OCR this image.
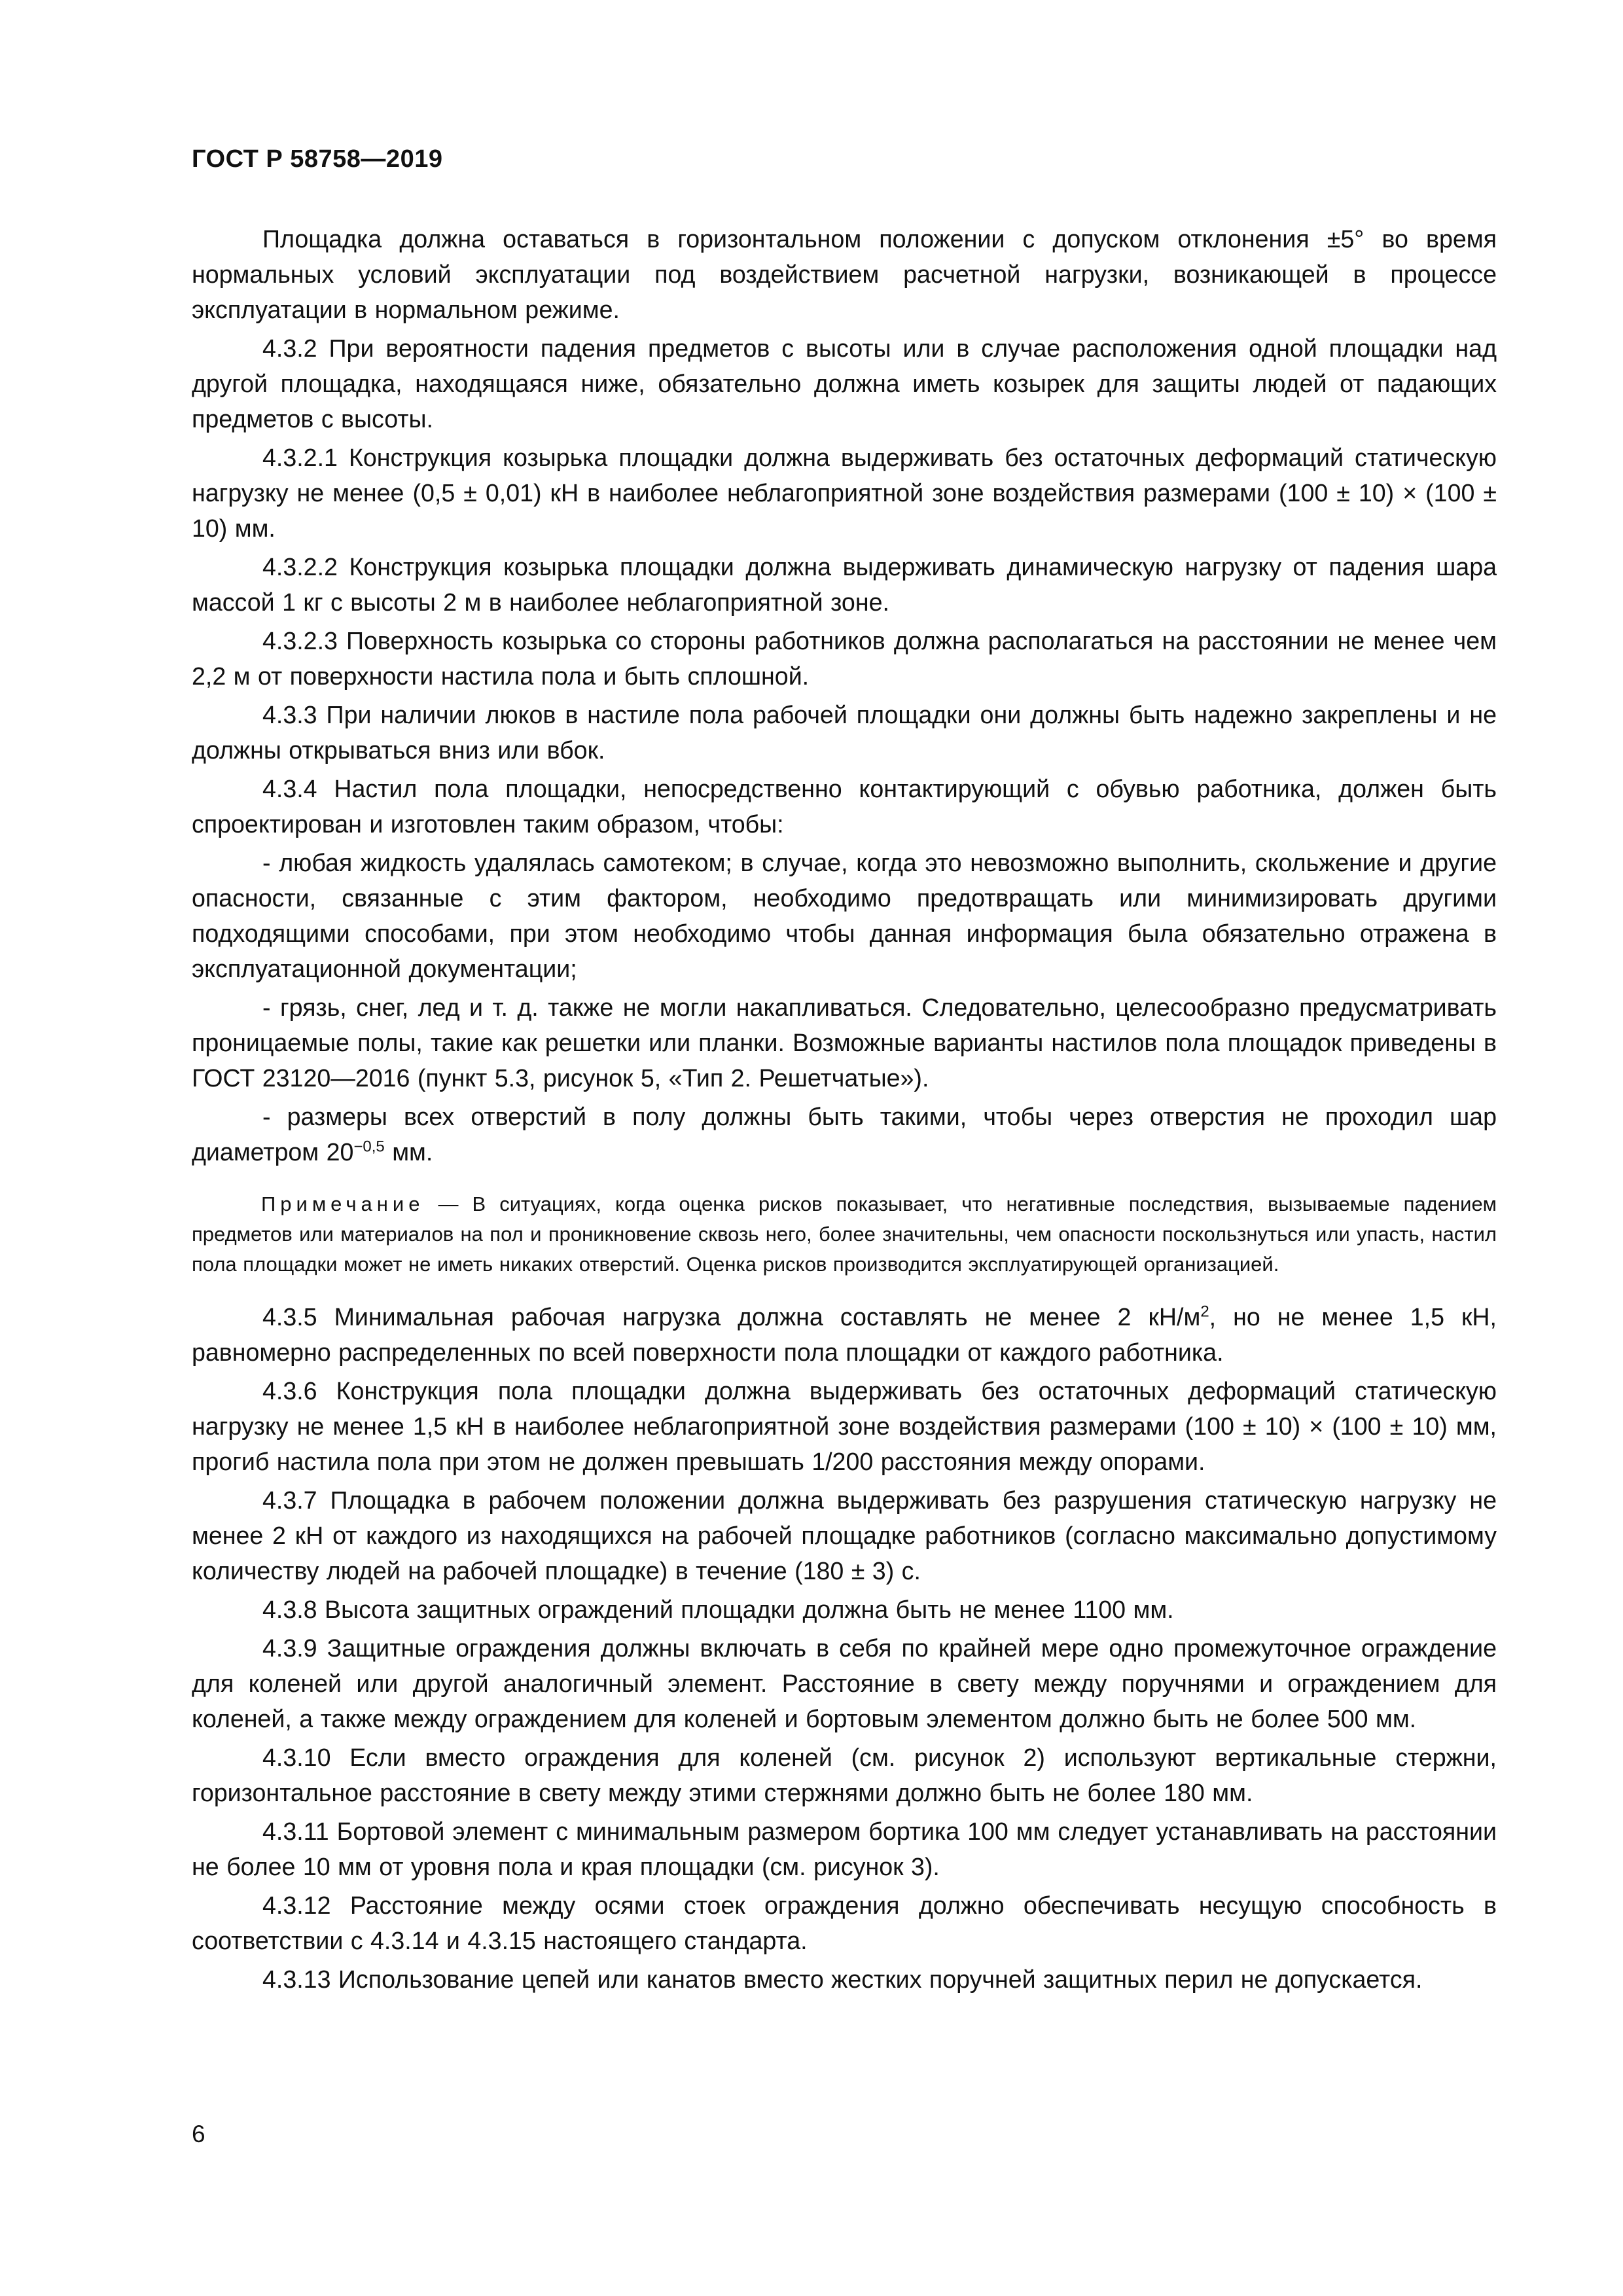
ГОСТ Р 58758—2019

Площадка должна оставаться в горизонтальном положении с допуском отклонения ±5° во время нормальных условий эксплуатации под воздействием расчетной нагрузки, возникающей в процессе эксплуатации в нормальном режиме.

4.3.2 При вероятности падения предметов с высоты или в случае расположения одной площадки над другой площадка, находящаяся ниже, обязательно должна иметь козырек для защиты людей от падающих предметов с высоты.

4.3.2.1 Конструкция козырька площадки должна выдерживать без остаточных деформаций статическую нагрузку не менее (0,5 ± 0,01) кН в наиболее неблагоприятной зоне воздействия размерами (100 ± 10) × (100 ± 10) мм.

4.3.2.2 Конструкция козырька площадки должна выдерживать динамическую нагрузку от падения шара массой 1 кг с высоты 2 м в наиболее неблагоприятной зоне.

4.3.2.3 Поверхность козырька со стороны работников должна располагаться на расстоянии не менее чем 2,2 м от поверхности настила пола и быть сплошной.

4.3.3 При наличии люков в настиле пола рабочей площадки они должны быть надежно закреплены и не должны открываться вниз или вбок.

4.3.4 Настил пола площадки, непосредственно контактирующий с обувью работника, должен быть спроектирован и изготовлен таким образом, чтобы:

- любая жидкость удалялась самотеком; в случае, когда это невозможно выполнить, скольжение и другие опасности, связанные с этим фактором, необходимо предотвращать или минимизировать другими подходящими способами, при этом необходимо чтобы данная информация была обязательно отражена в эксплуатационной документации;

- грязь, снег, лед и т. д. также не могли накапливаться. Следовательно, целесообразно предусматривать проницаемые полы, такие как решетки или планки. Возможные варианты настилов пола площадок приведены в ГОСТ 23120—2016 (пункт 5.3, рисунок 5, «Тип 2. Решетчатые»).

- размеры всех отверстий в полу должны быть такими, чтобы через отверстия не проходил шар диаметром $20^{-0,5}$ мм.

Примечание — В ситуациях, когда оценка рисков показывает, что негативные последствия, вызываемые падением предметов или материалов на пол и проникновение сквозь него, более значительны, чем опасности поскользнуться или упасть, настил пола площадки может не иметь никаких отверстий. Оценка рисков производится эксплуатирующей организацией.

4.3.5 Минимальная рабочая нагрузка должна составлять не менее 2 $кН/м^2$, но не менее 1,5 кН, равномерно распределенных по всей поверхности пола площадки от каждого работника.

4.3.6 Конструкция пола площадки должна выдерживать без остаточных деформаций статическую нагрузку не менее 1,5 кН в наиболее неблагоприятной зоне воздействия размерами (100 ± 10) × (100 ± 10) мм, прогиб настила пола при этом не должен превышать 1/200 расстояния между опорами.

4.3.7 Площадка в рабочем положении должна выдерживать без разрушения статическую нагрузку не менее 2 кН от каждого из находящихся на рабочей площадке работников (согласно максимально допустимому количеству людей на рабочей площадке) в течение (180 ± 3) с.

4.3.8 Высота защитных ограждений площадки должна быть не менее 1100 мм.

4.3.9 Защитные ограждения должны включать в себя по крайней мере одно промежуточное ограждение для коленей или другой аналогичный элемент. Расстояние в свету между поручнями и ограждением для коленей, а также между ограждением для коленей и бортовым элементом должно быть не более 500 мм.

4.3.10 Если вместо ограждения для коленей (см. рисунок 2) используют вертикальные стержни, горизонтальное расстояние в свету между этими стержнями должно быть не более 180 мм.

4.3.11 Бортовой элемент с минимальным размером бортика 100 мм следует устанавливать на расстоянии не более 10 мм от уровня пола и края площадки (см. рисунок 3).

4.3.12 Расстояние между осями стоек ограждения должно обеспечивать несущую способность в соответствии с 4.3.14 и 4.3.15 настоящего стандарта.

4.3.13 Использование цепей или канатов вместо жестких поручней защитных перил не допускается.

6
